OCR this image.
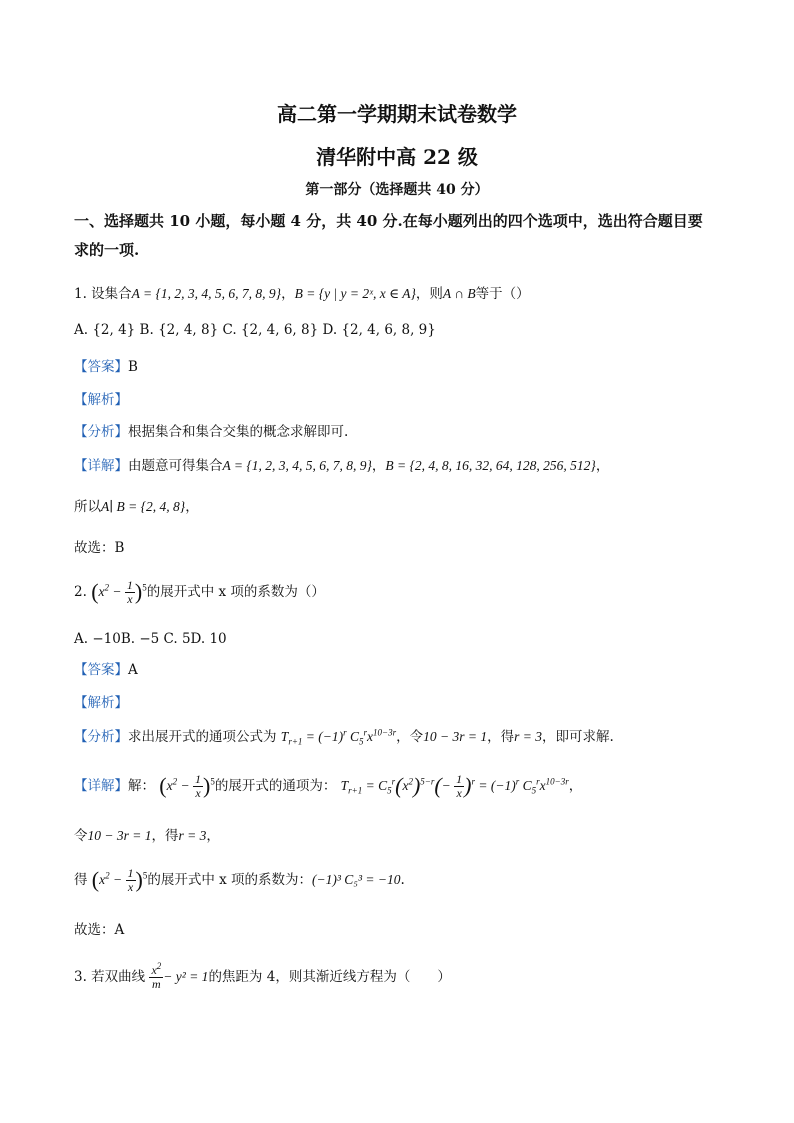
高二第一学期期末试卷数学
清华附中高 22 级
第一部分（选择题共 40 分）
一、选择题共 10 小题，每小题 4 分，共 40 分.在每小题列出的四个选项中，选出符合题目要
求的一项.
1. 设集合A = {1, 2, 3, 4, 5, 6, 7, 8, 9}，B = {y | y = 2ˣ, x ∈ A}，则A ∩ B等于（）
A. {2, 4} B. {2, 4, 8} C. {2, 4, 6, 8} D. {2, 4, 6, 8, 9}
【答案】B
【解析】
【分析】根据集合和集合交集的概念求解即可.
【详解】由题意可得集合A = {1, 2, 3, 4, 5, 6, 7, 8, 9}，B = {2, 4, 8, 16, 32, 64, 128, 256, 512}，
所以A∣ B = {2, 4, 8}，
故选：B
2. $(x^2 - \frac{1}{x} )^5$的展开式中 x 项的系数为（）
A. −10B. −5 C. 5D. 10
【答案】A
【解析】
【分析】求出展开式的通项公式为 $T_{r+1} = (-1)^r$ $C_5^rx^{10-3r}$，令10 − 3r = 1，得r = 3，即可求解.
【详解】解： $(x^2 - \frac{1}{x} )^5$的展开式的通项为： $T_{r+1} = C_5^r(x^2)^{5-r}(- \frac{1}{x} )^r = (-1)^r$ $C_5^rx^{10-3r}$，
令10 − 3r = 1，得r = 3，
得 $(x^2 - \frac{1}{x} )^5$的展开式中 x 项的系数为：(−1)³ C₅³ = −10.
故选：A
3. 若双曲线 $\frac{x^2}{m} - y^2 = 1$的焦距为 4，则其渐近线方程为（　　）
